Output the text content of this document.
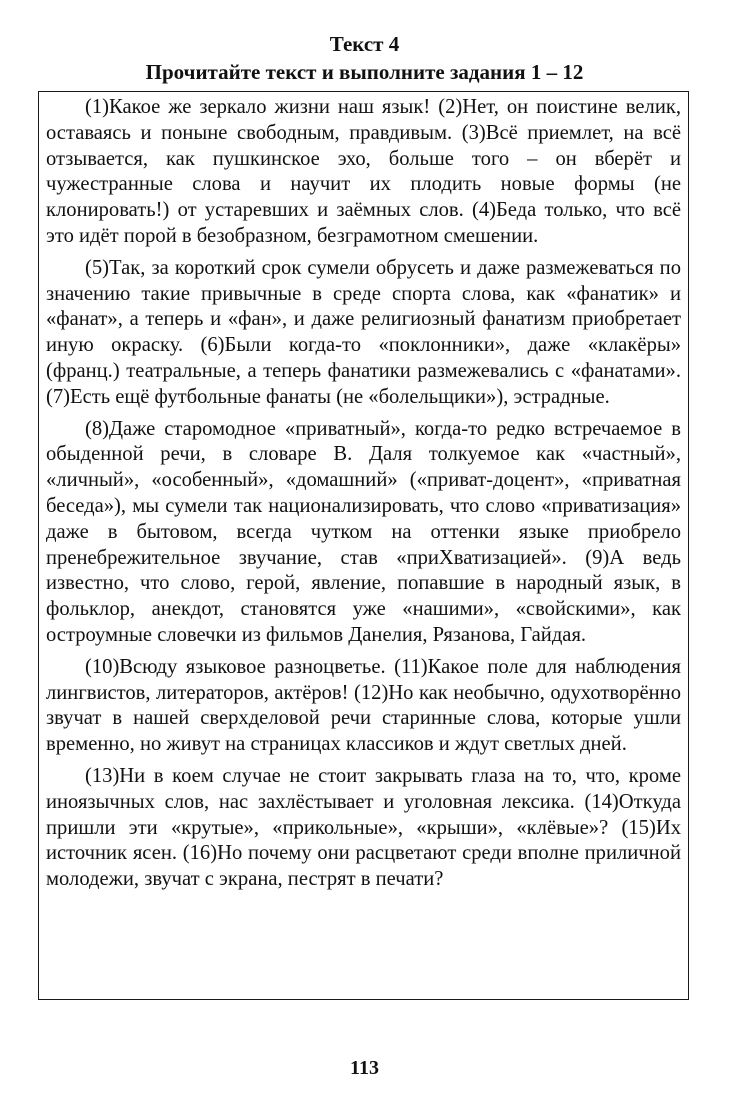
Текст 4
Прочитайте текст и выполните задания 1 – 12

(1)Какое же зеркало жизни наш язык! (2)Нет, он поистине велик, оставаясь и поныне свободным, правдивым. (3)Всё приемлет, на всё отзывается, как пушкинское эхо, больше того – он вберёт и чужестранные слова и научит их плодить новые формы (не клонировать!) от устаревших и заёмных слов. (4)Беда только, что всё это идёт порой в безобразном, безграмотном смешении.

(5)Так, за короткий срок сумели обрусеть и даже размежеваться по значению такие привычные в среде спорта слова, как «фанатик» и «фанат», а теперь и «фан», и даже религиозный фанатизм приобретает иную окраску. (6)Были когда-то «поклонники», даже «клакёры» (франц.) театральные, а теперь фанатики размежевались с «фанатами». (7)Есть ещё футбольные фанаты (не «болельщики»), эстрадные.

(8)Даже старомодное «приватный», когда-то редко встречаемое в обыденной речи, в словаре В. Даля толкуемое как «частный», «личный», «особенный», «домашний» («приват-доцент», «приватная беседа»), мы сумели так национализировать, что слово «приватизация» даже в бытовом, всегда чутком на оттенки языке приобрело пренебрежительное звучание, став «приХватизацией». (9)А ведь известно, что слово, герой, явление, попавшие в народный язык, в фольклор, анекдот, становятся уже «нашими», «свойскими», как остроумные словечки из фильмов Данелия, Рязанова, Гайдая.

(10)Всюду языковое разноцветье. (11)Какое поле для наблюдения лингвистов, литераторов, актёров! (12)Но как необычно, одухотворённо звучат в нашей сверхделовой речи старинные слова, которые ушли временно, но живут на страницах классиков и ждут светлых дней.

(13)Ни в коем случае не стоит закрывать глаза на то, что, кроме иноязычных слов, нас захлёстывает и уголовная лексика. (14)Откуда пришли эти «крутые», «прикольные», «крыши», «клёвые»? (15)Их источник ясен. (16)Но почему они расцветают среди вполне приличной молодежи, звучат с экрана, пестрят в печати?

113
